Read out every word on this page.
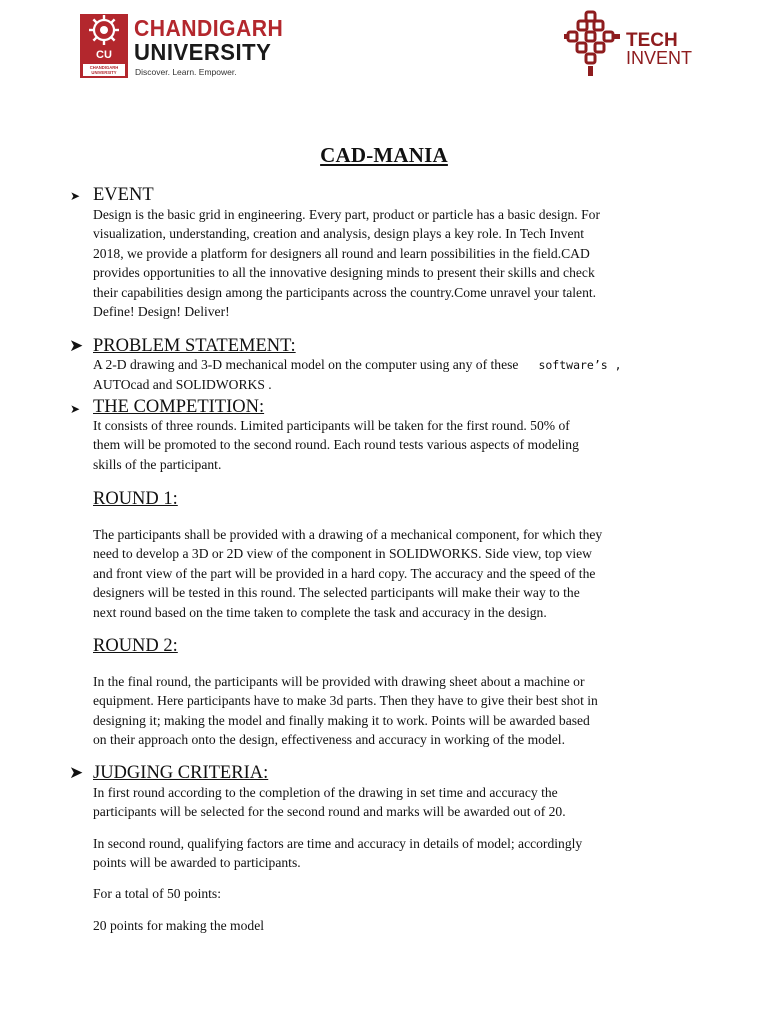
CU
CHANDIGARH
UNIVERSITY
CHANDIGARH
UNIVERSITY
Discover. Learn. Empower.
TECH
INVENT
CAD-MANIA
➤ EVENT

Design is the basic grid in engineering. Every part, product or particle has a basic design. For
visualization, understanding, creation and analysis, design plays a key role. In Tech Invent
2018, we provide a platform for designers all round and learn possibilities in the field.CAD
provides opportunities to all the innovative designing minds to present their skills and check
their capabilities design among the participants across the country.Come unravel your talent.
Define! Design! Deliver!

➤ PROBLEM STATEMENT:
A 2-D drawing and 3-D mechanical model on the computer using any of these software’s ,
AUTOcad and SOLIDWORKS .
➤ THE COMPETITION:

It consists of three rounds. Limited participants will be taken for the first round. 50% of
them will be promoted to the second round. Each round tests various aspects of modeling
skills of the participant.

ROUND 1:

The participants shall be provided with a drawing of a mechanical component, for which they
need to develop a 3D or 2D view of the component in SOLIDWORKS. Side view, top view
and front view of the part will be provided in a hard copy. The accuracy and the speed of the
designers will be tested in this round. The selected participants will make their way to the
next round based on the time taken to complete the task and accuracy in the design.

ROUND 2:

In the final round, the participants will be provided with drawing sheet about a machine or
equipment. Here participants have to make 3d parts. Then they have to give their best shot in
designing it; making the model and finally making it to work. Points will be awarded based
on their approach onto the design, effectiveness and accuracy in working of the model.

➤ JUDGING CRITERIA:

In first round according to the completion of the drawing in set time and accuracy the
participants will be selected for the second round and marks will be awarded out of 20.

In second round, qualifying factors are time and accuracy in details of model; accordingly
points will be awarded to participants.

For a total of 50 points:

20 points for making the model
